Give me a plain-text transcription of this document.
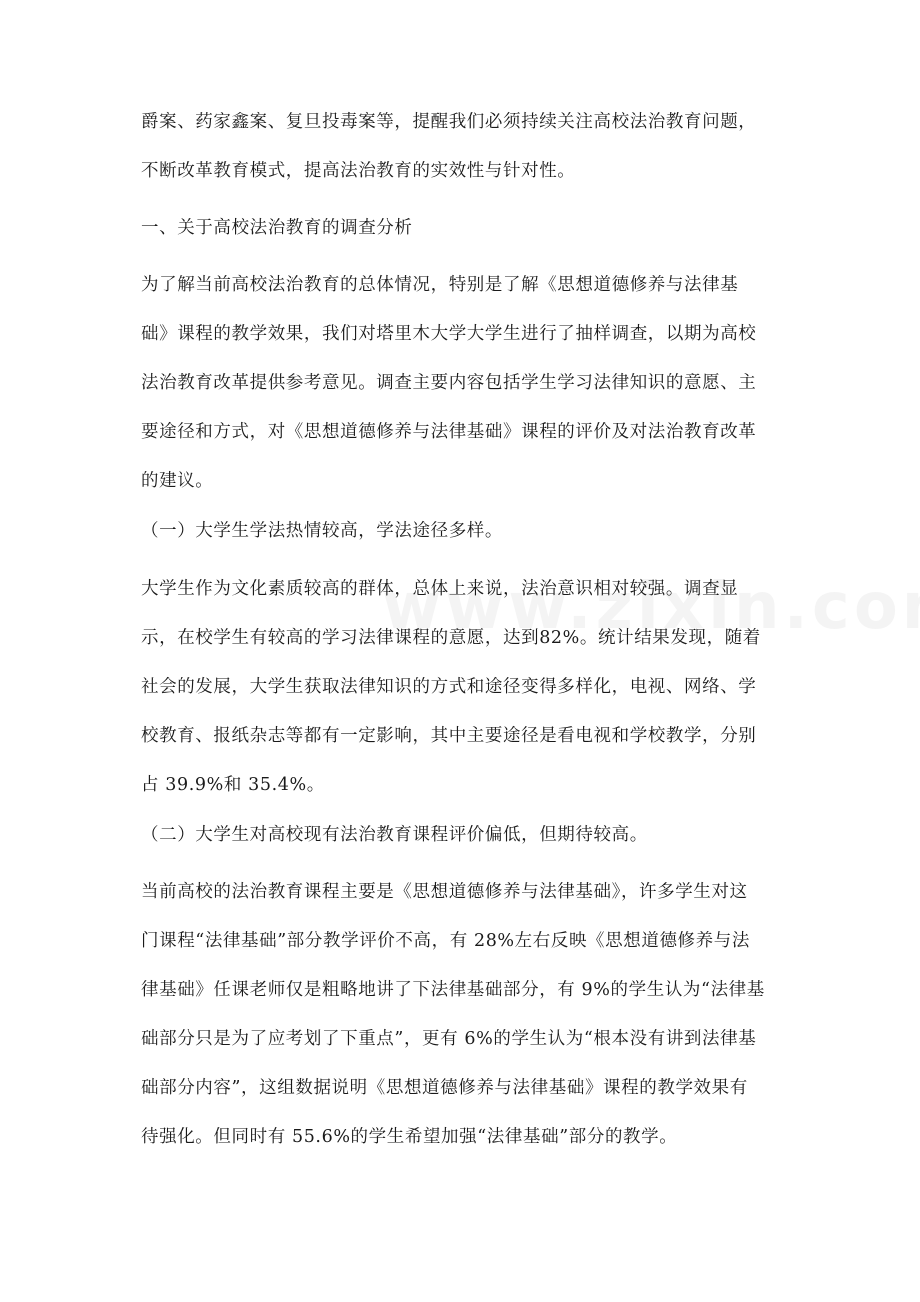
爵案、药家鑫案、复旦投毒案等，提醒我们必须持续关注高校法治教育问题，
不断改革教育模式，提高法治教育的实效性与针对性。
一、关于高校法治教育的调查分析
为了解当前高校法治教育的总体情况，特别是了解《思想道德修养与法律基
础》课程的教学效果，我们对塔里木大学大学生进行了抽样调查，以期为高校
法治教育改革提供参考意见。调查主要内容包括学生学习法律知识的意愿、主
要途径和方式，对《思想道德修养与法律基础》课程的评价及对法治教育改革
的建议。
（一）大学生学法热情较高，学法途径多样。
大学生作为文化素质较高的群体，总体上来说，法治意识相对较强。调查显
示，在校学生有较高的学习法律课程的意愿，达到82%。统计结果发现，随着
社会的发展，大学生获取法律知识的方式和途径变得多样化，电视、网络、学
校教育、报纸杂志等都有一定影响，其中主要途径是看电视和学校教学，分别
占 39.9%和 35.4%。
（二）大学生对高校现有法治教育课程评价偏低，但期待较高。
当前高校的法治教育课程主要是《思想道德修养与法律基础》，许多学生对这
门课程“法律基础”部分教学评价不高，有 28%左右反映《思想道德修养与法
律基础》任课老师仅是粗略地讲了下法律基础部分，有 9%的学生认为“法律基
础部分只是为了应考划了下重点”，更有 6%的学生认为“根本没有讲到法律基
础部分内容”，这组数据说明《思想道德修养与法律基础》课程的教学效果有
待强化。但同时有 55.6%的学生希望加强“法律基础”部分的教学。
